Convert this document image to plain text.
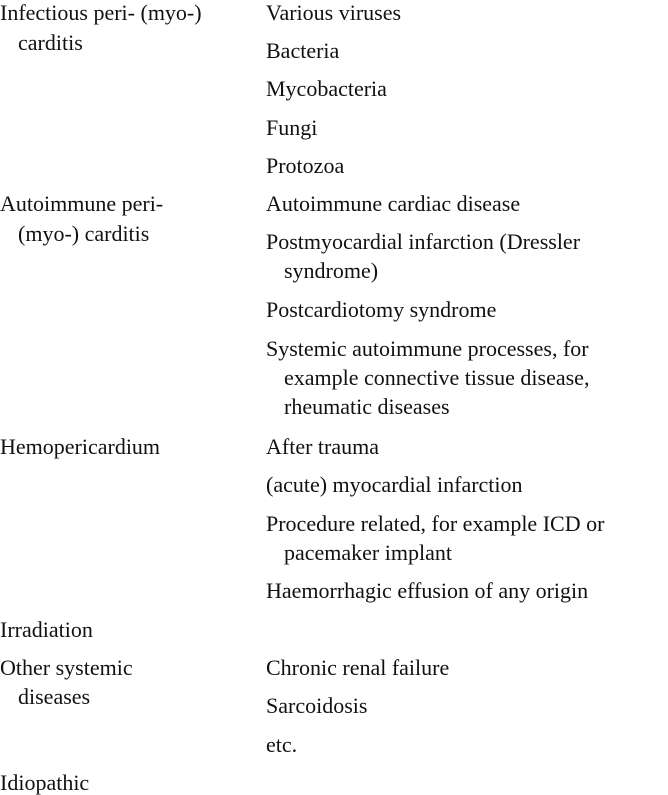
Infectious peri- (myo-)
carditis
Various viruses
Bacteria
Mycobacteria
Fungi
Protozoa
Autoimmune peri-
(myo-) carditis
Autoimmune cardiac disease
Postmyocardial infarction (Dressler
syndrome)
Postcardiotomy syndrome
Systemic autoimmune processes, for
example connective tissue disease,
rheumatic diseases
Hemopericardium	After trauma
(acute) myocardial infarction
Procedure related, for example ICD or
pacemaker implant
Haemorrhagic effusion of any origin
Irradiation
Other systemic
diseases
Chronic renal failure
Sarcoidosis
etc.
Idiopathic
